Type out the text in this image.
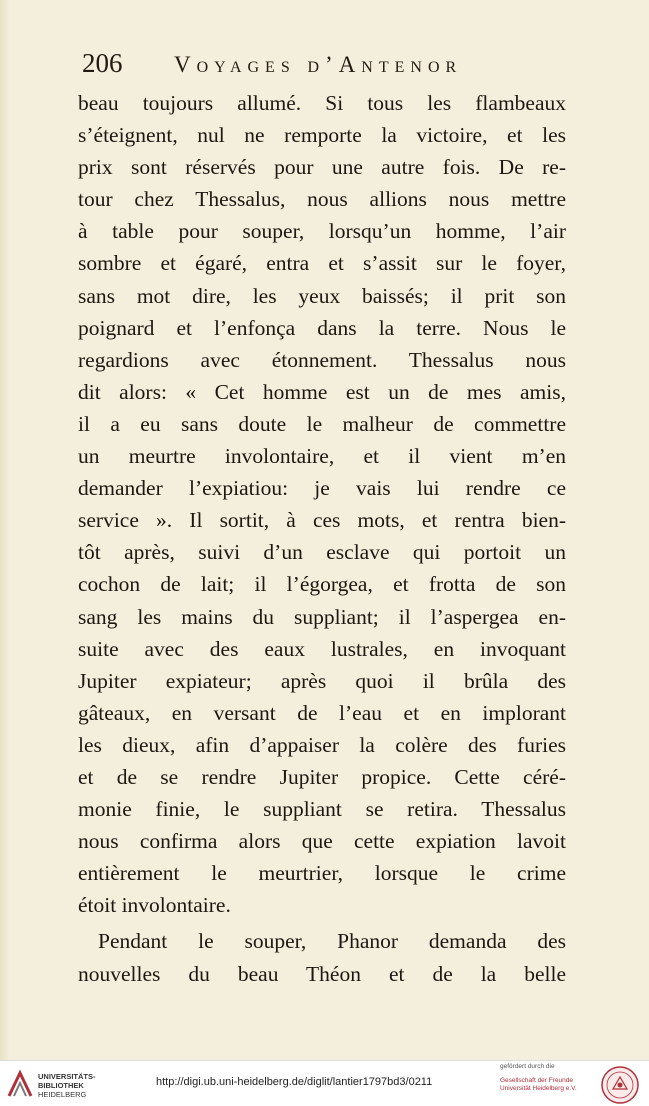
206 Voyages d’Antenor
beau toujours allumé. Si tous les flambeaux
s’éteignent, nul ne remporte la victoire, et les
prix sont réservés pour une autre fois. De re-
tour chez Thessalus, nous allions nous mettre
à table pour souper, lorsqu’un homme, l’air
sombre et égaré, entra et s’assit sur le foyer,
sans mot dire, les yeux baissés; il prit son
poignard et l’enfonça dans la terre. Nous le
regardions avec étonnement. Thessalus nous
dit alors: « Cet homme est un de mes amis,
il a eu sans doute le malheur de commettre
un meurtre involontaire, et il vient m’en
demander l’expiatiou: je vais lui rendre ce
service ». Il sortit, à ces mots, et rentra bien-
tôt après, suivi d’un esclave qui portoit un
cochon de lait; il l’égorgea, et frotta de son
sang les mains du suppliant; il l’aspergea en-
suite avec des eaux lustrales, en invoquant
Jupiter expiateur; après quoi il brûla des
gâteaux, en versant de l’eau et en implorant
les dieux, afin d’appaiser la colère des furies
et de se rendre Jupiter propice. Cette céré-
monie finie, le suppliant se retira. Thessalus
nous confirma alors que cette expiation lavoit
entièrement le meurtrier, lorsque le crime
étoit involontaire.
Pendant le souper, Phanor demanda des
nouvelles du beau Théon et de la belle
UNIVERSITÄTS-
BIBLIOTHEK
HEIDELBERG
http://digi.ub.uni-heidelberg.de/diglit/lantier1797bd3/0211
gefördert durch die
Gesellschaft der Freunde
Universität Heidelberg e.V.
